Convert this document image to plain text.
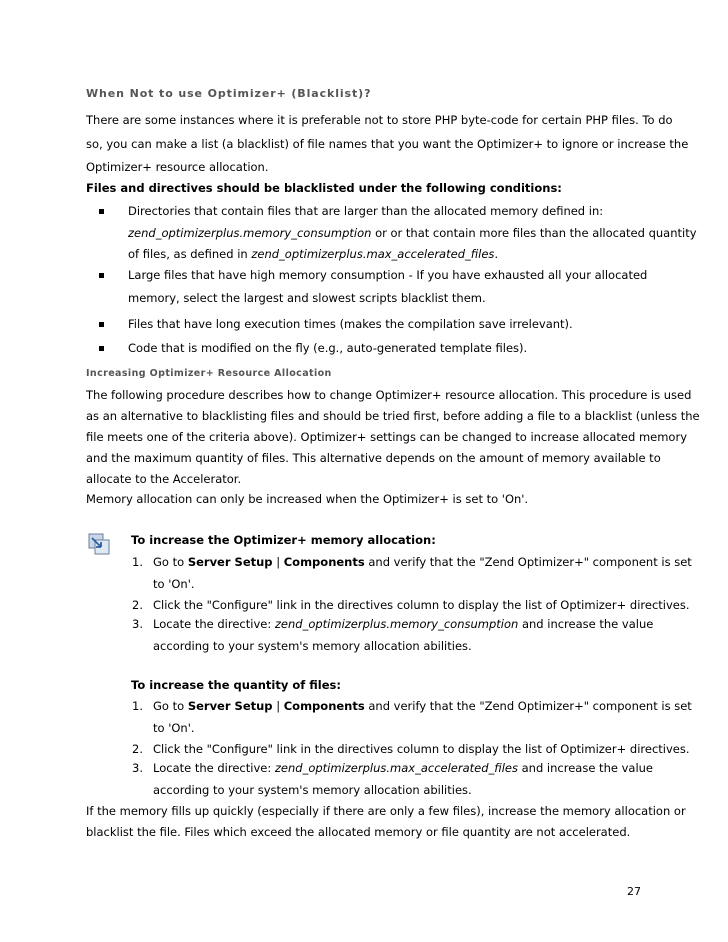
When Not to use Optimizer+ (Blacklist)?
There are some instances where it is preferable not to store PHP byte-code for certain PHP files. To do
so, you can make a list (a blacklist) of file names that you want the Optimizer+ to ignore or increase the
Optimizer+ resource allocation.
Files and directives should be blacklisted under the following conditions:
Directories that contain files that are larger than the allocated memory defined in:
zend_optimizerplus.memory_consumption or or that contain more files than the allocated quantity
of files, as defined in zend_optimizerplus.max_accelerated_files.
Large files that have high memory consumption - If you have exhausted all your allocated
memory, select the largest and slowest scripts blacklist them.
Files that have long execution times (makes the compilation save irrelevant).
Code that is modified on the fly (e.g., auto-generated template files).
Increasing Optimizer+ Resource Allocation
The following procedure describes how to change Optimizer+ resource allocation. This procedure is used
as an alternative to blacklisting files and should be tried first, before adding a file to a blacklist (unless the
file meets one of the criteria above). Optimizer+ settings can be changed to increase allocated memory
and the maximum quantity of files. This alternative depends on the amount of memory available to
allocate to the Accelerator.
Memory allocation can only be increased when the Optimizer+ is set to 'On'.
To increase the Optimizer+ memory allocation:
1. Go to Server Setup | Components and verify that the "Zend Optimizer+" component is set
to 'On'.
2. Click the "Configure" link in the directives column to display the list of Optimizer+ directives.
3. Locate the directive: zend_optimizerplus.memory_consumption and increase the value
according to your system's memory allocation abilities.
To increase the quantity of files:
1. Go to Server Setup | Components and verify that the "Zend Optimizer+" component is set
to 'On'.
2. Click the "Configure" link in the directives column to display the list of Optimizer+ directives.
3. Locate the directive: zend_optimizerplus.max_accelerated_files and increase the value
according to your system's memory allocation abilities.
If the memory fills up quickly (especially if there are only a few files), increase the memory allocation or
blacklist the file. Files which exceed the allocated memory or file quantity are not accelerated.
27
